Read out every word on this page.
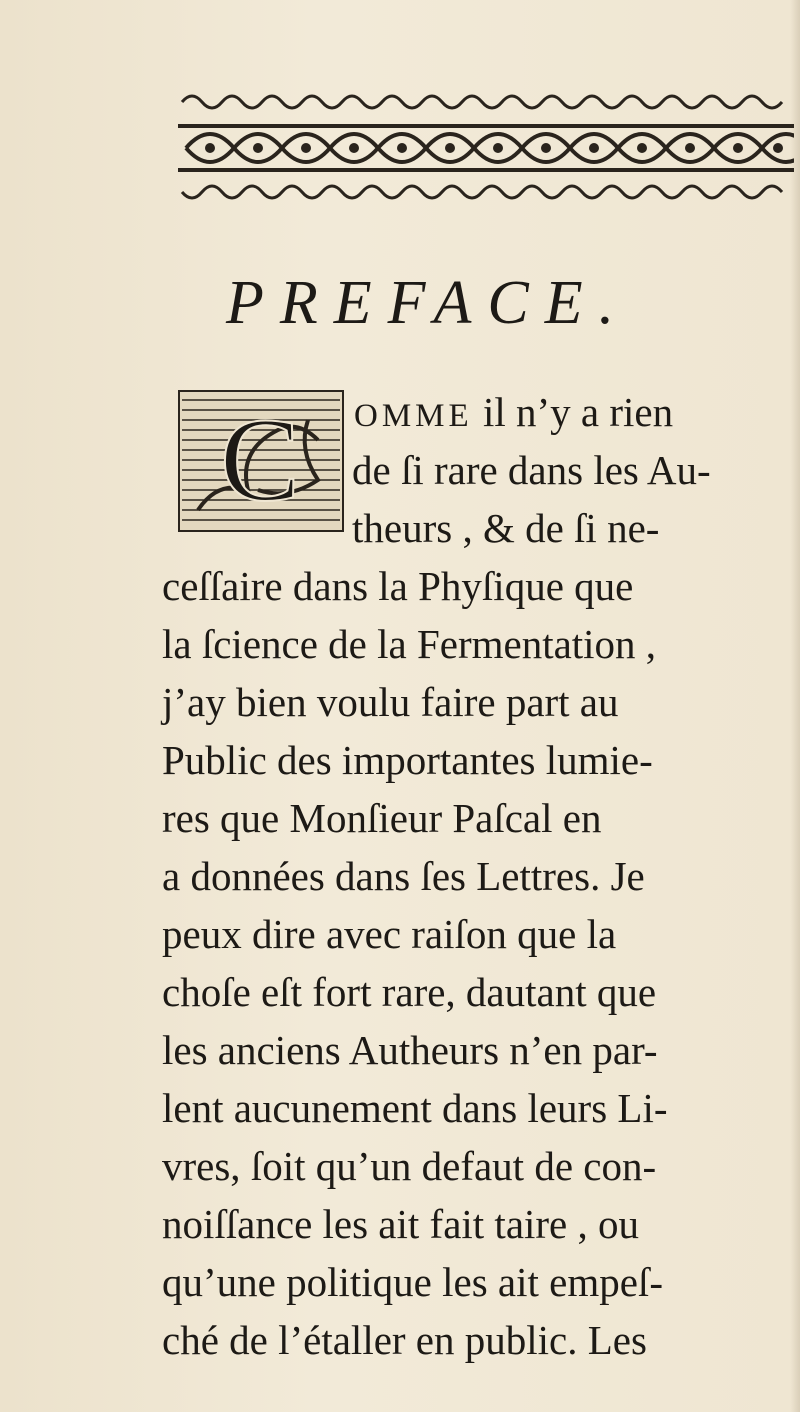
PREFACE.
C OMME il n’y a rien
de ſi rare dans les Au-
theurs , & de ſi ne-
ceſſaire dans la Phyſique que
la ſcience de la Fermentation ,
j’ay bien voulu faire part au
Public des importantes lumie-
res que Monſieur Paſcal en
a données dans ſes Lettres. Je
peux dire avec raiſon que la
choſe eſt fort rare, dautant que
les anciens Autheurs n’en par-
lent aucunement dans leurs Li-
vres, ſoit qu’un defaut de con-
noiſſance les ait fait taire , ou
qu’une politique les ait empeſ-
ché de l’étaller en public. Les
